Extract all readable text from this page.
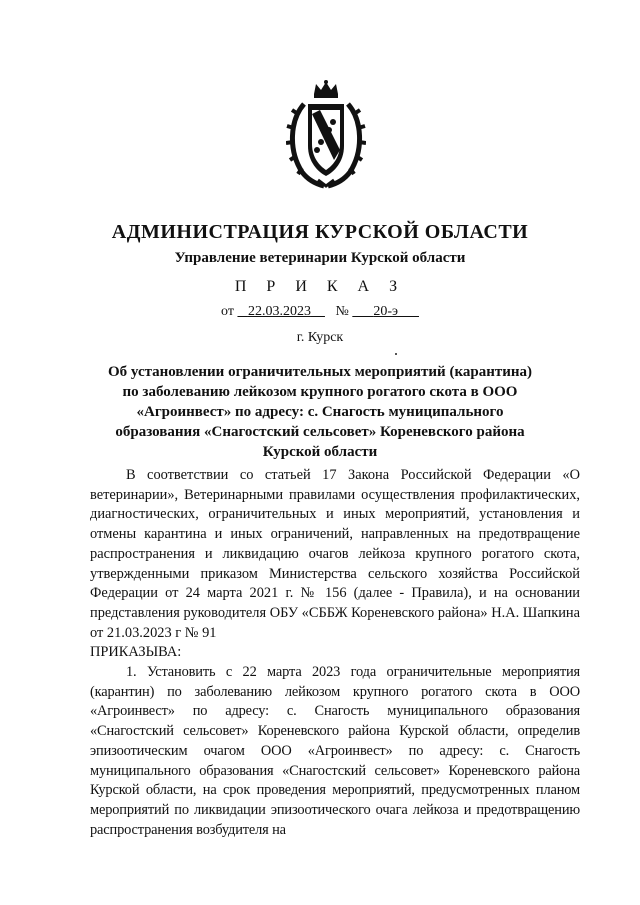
АДМИНИСТРАЦИЯ КУРСКОЙ ОБЛАСТИ
Управление ветеринарии Курской области
П Р И К А З
от 22.03.2023 № 20-э
г. Курск
Об установлении ограничительных мероприятий (карантина) по заболеванию лейкозом крупного рогатого скота в ООО «Агроинвест» по адресу: с. Снагость муниципального образования «Снагостский сельсовет» Кореневского района Курской области

В соответствии со статьей 17 Закона Российской Федерации «О ветеринарии», Ветеринарными правилами осуществления профилактических, диагностических, ограничительных и иных мероприятий, установления и отмены карантина и иных ограничений, направленных на предотвращение распространения и ликвидацию очагов лейкоза крупного рогатого скота, утвержденными приказом Министерства сельского хозяйства Российской Федерации от 24 марта 2021 г. № 156 (далее - Правила), и на основании представления руководителя ОБУ «СББЖ Кореневского района» Н.А. Шапкина от 21.03.2023 г № 91

ПРИКАЗЫВА:

1. Установить с 22 марта 2023 года ограничительные мероприятия (карантин) по заболеванию лейкозом крупного рогатого скота в ООО «Агроинвест» по адресу: с. Снагость муниципального образования «Снагостский сельсовет» Кореневского района Курской области, определив эпизоотическим очагом ООО «Агроинвест» по адресу: с. Снагость муниципального образования «Снагостский сельсовет» Кореневского района Курской области, на срок проведения мероприятий, предусмотренных планом мероприятий по ликвидации эпизоотического очага лейкоза и предотвращению распространения возбудителя на
